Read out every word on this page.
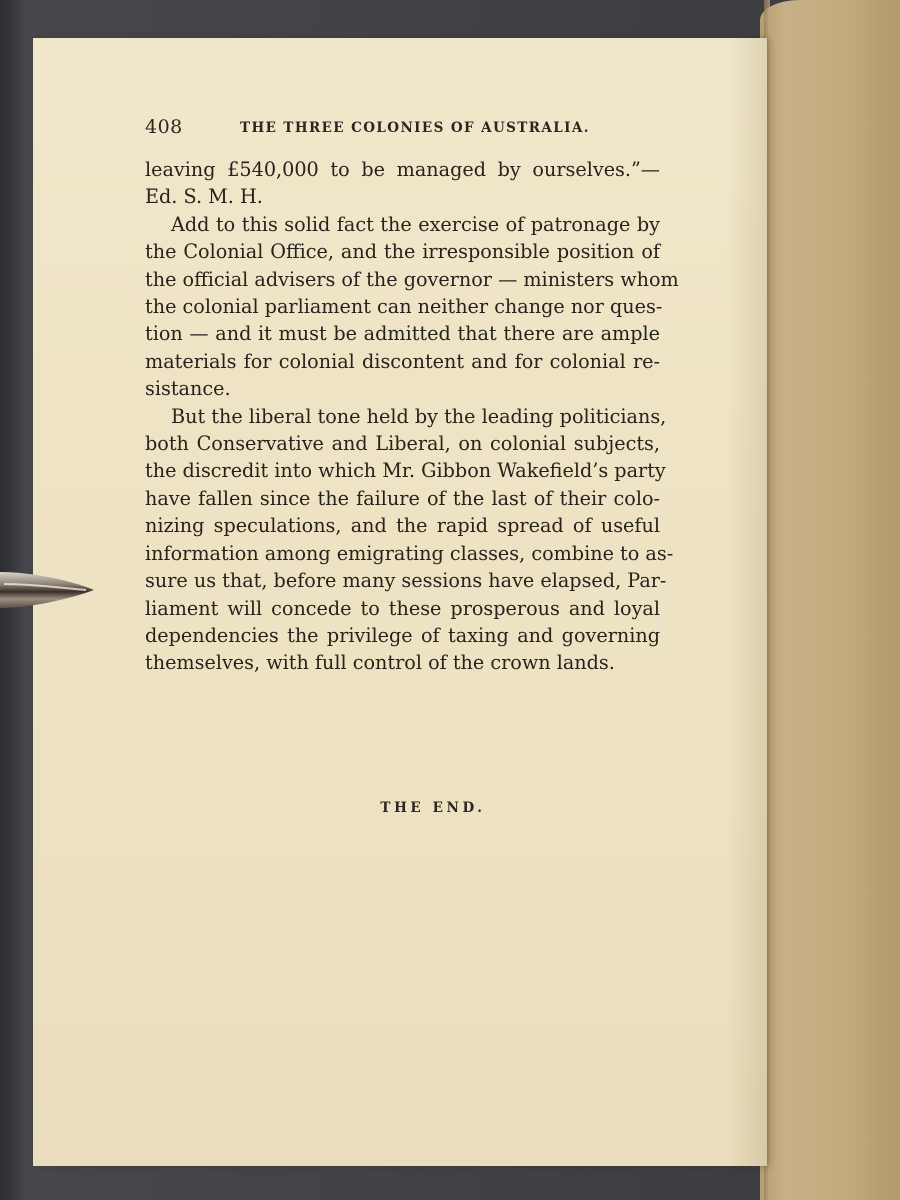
408	THE THREE COLONIES OF AUSTRALIA.
leaving £540,000 to be managed by ourselves.”—
Ed. S. M. H.
Add to this solid fact the exercise of patronage by
the Colonial Office, and the irresponsible position of
the official advisers of the governor — ministers whom
the colonial parliament can neither change nor ques-
tion — and it must be admitted that there are ample
materials for colonial discontent and for colonial re-
sistance.
But the liberal tone held by the leading politicians,
both Conservative and Liberal, on colonial subjects,
the discredit into which Mr. Gibbon Wakefield’s party
have fallen since the failure of the last of their colo-
nizing speculations, and the rapid spread of useful
information among emigrating classes, combine to as-
sure us that, before many sessions have elapsed, Par-
liament will concede to these prosperous and loyal
dependencies the privilege of taxing and governing
themselves, with full control of the crown lands.
THE END.
